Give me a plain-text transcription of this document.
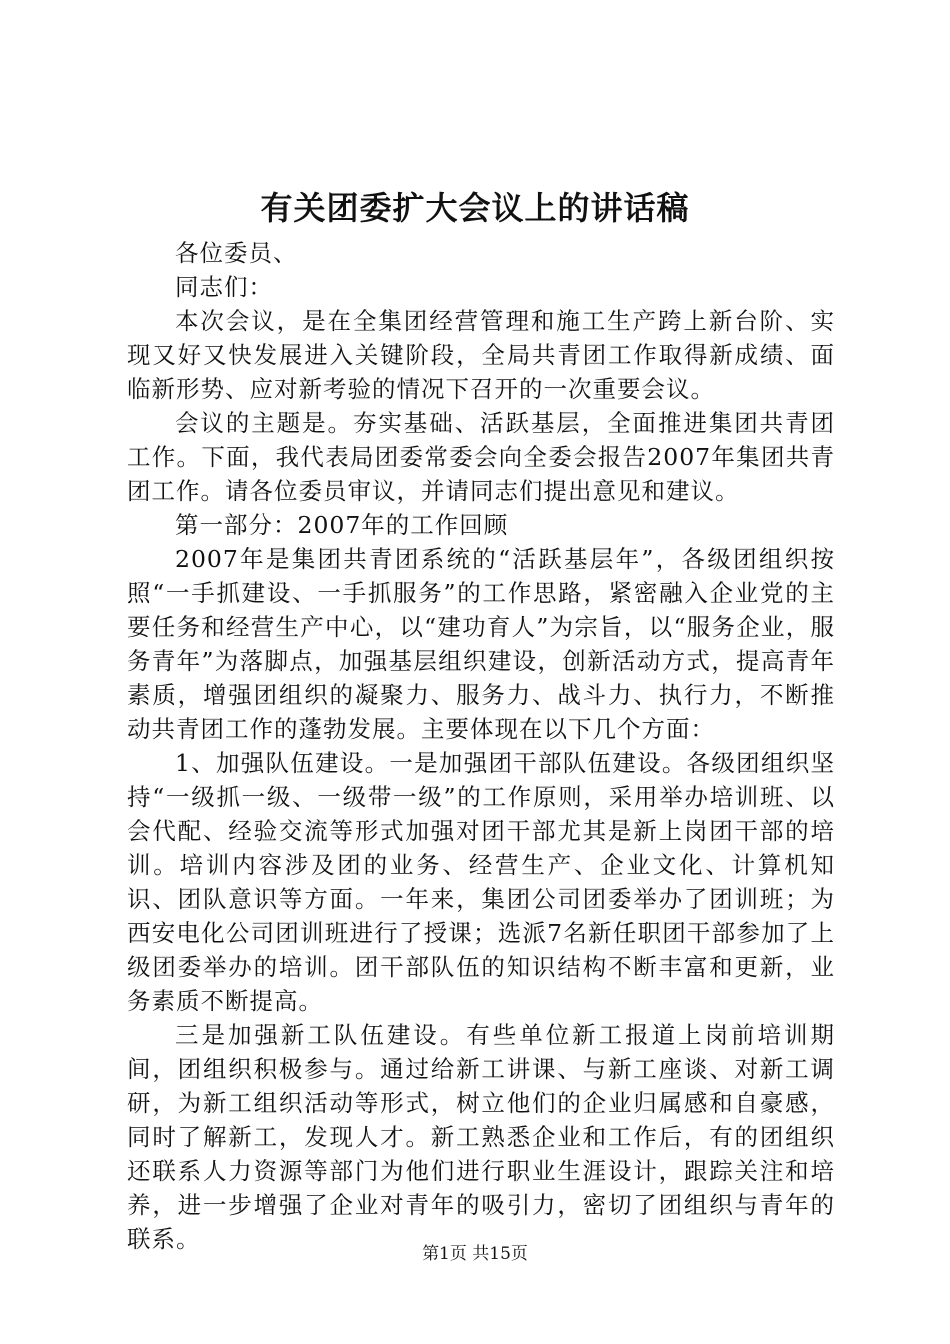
有关团委扩大会议上的讲话稿

各位委员、

同志们：

本次会议，是在全集团经营管理和施工生产跨上新台阶、实现又好又快发展进入关键阶段，全局共青团工作取得新成绩、面临新形势、应对新考验的情况下召开的一次重要会议。

会议的主题是。夯实基础、活跃基层，全面推进集团共青团工作。下面，我代表局团委常委会向全委会报告2007年集团共青团工作。请各位委员审议，并请同志们提出意见和建议。

第一部分：2007年的工作回顾

2007年是集团共青团系统的“活跃基层年”，各级团组织按照“一手抓建设、一手抓服务”的工作思路，紧密融入企业党的主要任务和经营生产中心，以“建功育人”为宗旨，以“服务企业，服务青年”为落脚点，加强基层组织建设，创新活动方式，提高青年素质，增强团组织的凝聚力、服务力、战斗力、执行力，不断推动共青团工作的蓬勃发展。主要体现在以下几个方面：

1、加强队伍建设。一是加强团干部队伍建设。各级团组织坚持“一级抓一级、一级带一级”的工作原则，采用举办培训班、以会代配、经验交流等形式加强对团干部尤其是新上岗团干部的培训。培训内容涉及团的业务、经营生产、企业文化、计算机知识、团队意识等方面。一年来，集团公司团委举办了团训班；为西安电化公司团训班进行了授课；选派7名新任职团干部参加了上级团委举办的培训。团干部队伍的知识结构不断丰富和更新，业务素质不断提高。

三是加强新工队伍建设。有些单位新工报道上岗前培训期间，团组织积极参与。通过给新工讲课、与新工座谈、对新工调研，为新工组织活动等形式，树立他们的企业归属感和自豪感，同时了解新工，发现人才。新工熟悉企业和工作后，有的团组织还联系人力资源等部门为他们进行职业生涯设计，跟踪关注和培养，进一步增强了企业对青年的吸引力，密切了团组织与青年的联系。

第1页 共15页
